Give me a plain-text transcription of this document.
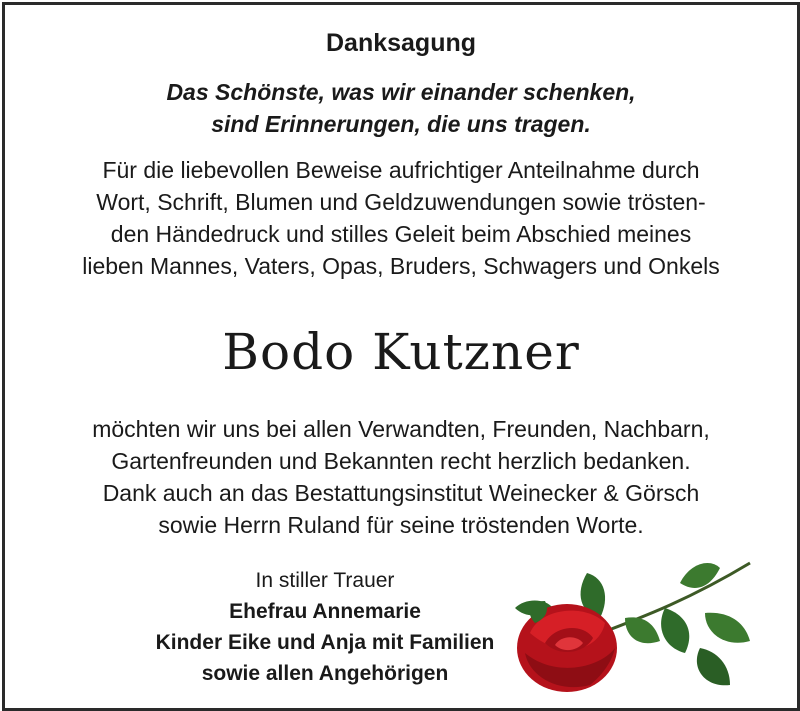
Danksagung
Das Schönste, was wir einander schenken,
sind Erinnerungen, die uns tragen.
Für die liebevollen Beweise aufrichtiger Anteilnahme durch
Wort, Schrift, Blumen und Geldzuwendungen sowie trösten-
den Händedruck und stilles Geleit beim Abschied meines
lieben Mannes, Vaters, Opas, Bruders, Schwagers und Onkels
Bodo Kutzner
möchten wir uns bei allen Verwandten, Freunden, Nachbarn,
Gartenfreunden und Bekannten recht herzlich bedanken.
Dank auch an das Bestattungsinstitut Weinecker & Görsch
sowie Herrn Ruland für seine tröstenden Worte.
In stiller Trauer
Ehefrau Annemarie
Kinder Eike und Anja mit Familien
sowie allen Angehörigen
